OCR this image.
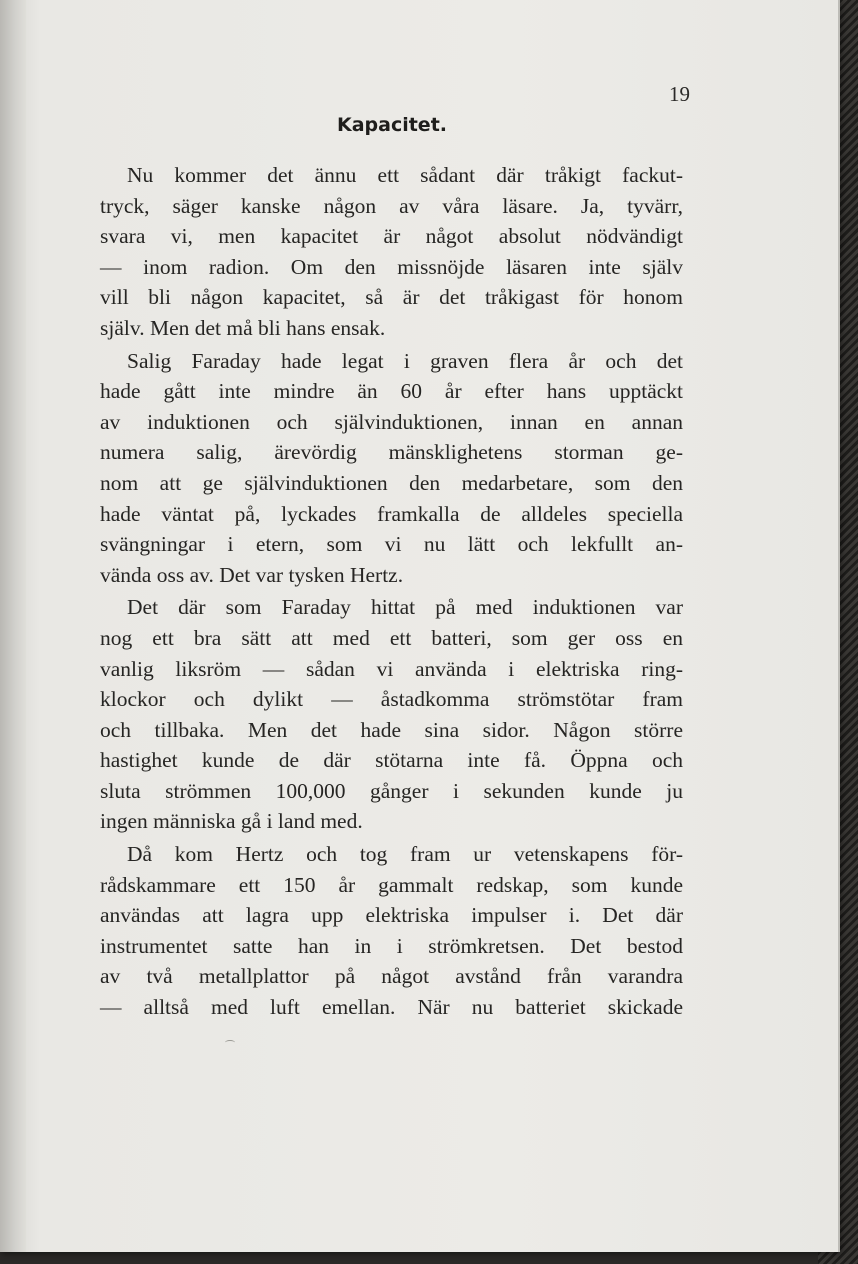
19
Kapacitet.

Nu kommer det ännu ett sådant där tråkigt fackut-
tryck, säger kanske någon av våra läsare. Ja, tyvärr,
svara vi, men kapacitet är något absolut nödvändigt
— inom radion. Om den missnöjde läsaren inte själv
vill bli någon kapacitet, så är det tråkigast för honom
själv. Men det må bli hans ensak.

Salig Faraday hade legat i graven flera år och det
hade gått inte mindre än 60 år efter hans upptäckt
av induktionen och självinduktionen, innan en annan
numera salig, ärevördig mänsklighetens storman ge-
nom att ge självinduktionen den medarbetare, som den
hade väntat på, lyckades framkalla de alldeles speciella
svängningar i etern, som vi nu lätt och lekfullt an-
vända oss av. Det var tysken Hertz.

Det där som Faraday hittat på med induktionen var
nog ett bra sätt att med ett batteri, som ger oss en
vanlig liksröm — sådan vi använda i elektriska ring-
klockor och dylikt — åstadkomma strömstötar fram
och tillbaka. Men det hade sina sidor. Någon större
hastighet kunde de där stötarna inte få. Öppna och
sluta strömmen 100,000 gånger i sekunden kunde ju
ingen människa gå i land med.

Då kom Hertz och tog fram ur vetenskapens för-
rådskammare ett 150 år gammalt redskap, som kunde
användas att lagra upp elektriska impulser i. Det där
instrumentet satte han in i strömkretsen. Det bestod
av två metallplattor på något avstånd från varandra
— alltså med luft emellan. När nu batteriet skickade
